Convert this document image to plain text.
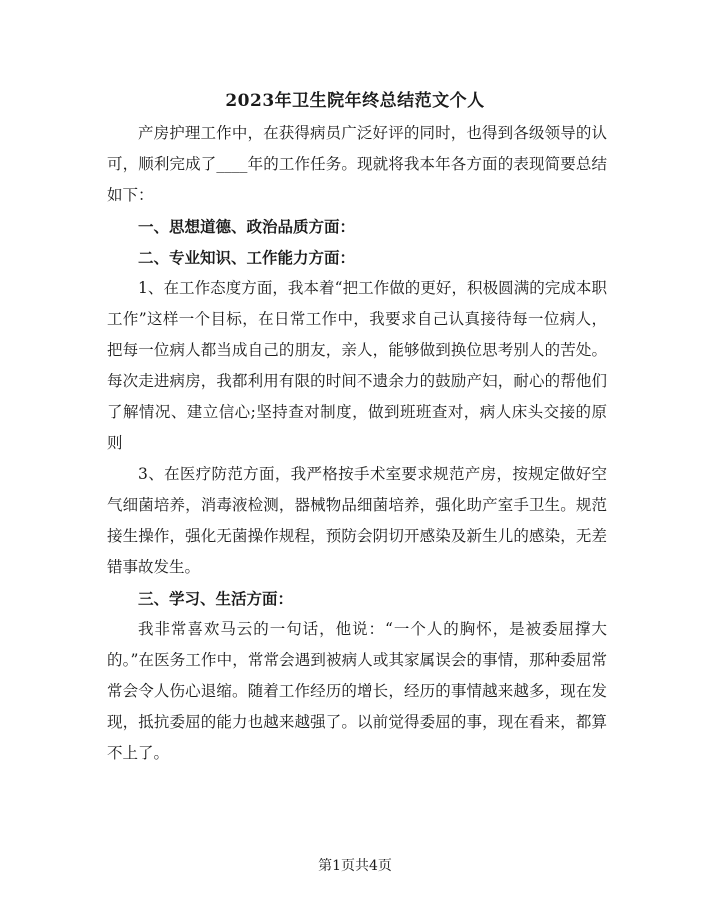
2023年卫生院年终总结范文个人

产房护理工作中，在获得病员广泛好评的同时，也得到各级领导的认可，顺利完成了____年的工作任务。现就将我本年各方面的表现简要总结如下：

一、思想道德、政治品质方面：

二、专业知识、工作能力方面：

1、在工作态度方面，我本着“把工作做的更好，积极圆满的完成本职工作”这样一个目标，在日常工作中，我要求自己认真接待每一位病人，把每一位病人都当成自己的朋友，亲人，能够做到换位思考别人的苦处。每次走进病房，我都利用有限的时间不遗余力的鼓励产妇，耐心的帮他们了解情况、建立信心;坚持查对制度，做到班班查对，病人床头交接的原则

3、在医疗防范方面，我严格按手术室要求规范产房，按规定做好空气细菌培养，消毒液检测，器械物品细菌培养，强化助产室手卫生。规范接生操作，强化无菌操作规程，预防会阴切开感染及新生儿的感染，无差错事故发生。

三、学习、生活方面：

我非常喜欢马云的一句话，他说：“一个人的胸怀，是被委屈撑大的。”在医务工作中，常常会遇到被病人或其家属误会的事情，那种委屈常常会令人伤心退缩。随着工作经历的增长，经历的事情越来越多，现在发现，抵抗委屈的能力也越来越强了。以前觉得委屈的事，现在看来，都算不上了。

第1页共4页
